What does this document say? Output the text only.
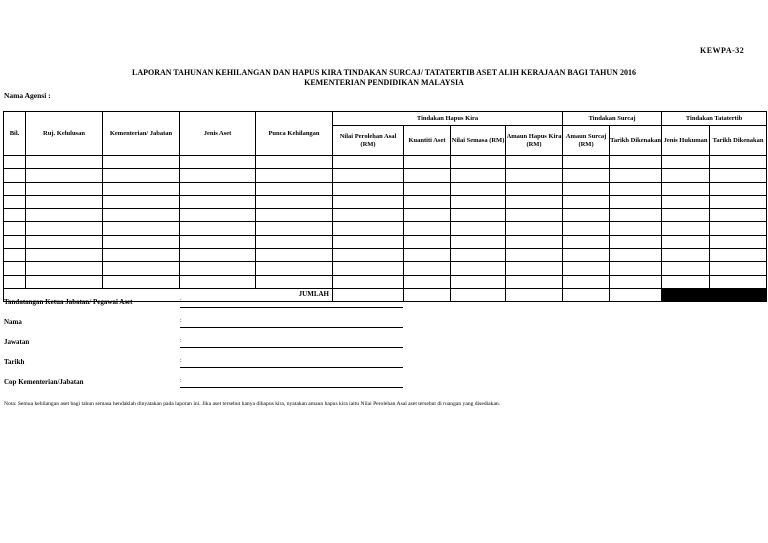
KEWPA-32
LAPORAN TAHUNAN KEHILANGAN DAN HAPUS KIRA TINDAKAN SURCAJ/ TATATERTIB ASET ALIH KERAJAAN BAGI TAHUN 2016
KEMENTERIAN PENDIDIKAN MALAYSIA
Nama Agensi :
Bil.	Ruj. Kelulusan	Kementerian/ Jabatan	Jenis Aset	Punca Kehilangan	Tindakan Hapus Kira				Tindakan Surcaj		Tindakan Tatatertib	
					Nilai Perolehan Asal (RM)	Kuantiti Aset	Nilai Semasa (RM)	Amaun Hapus Kira (RM)	Amaun Surcaj (RM)	Tarikh Dikenakan	Jenis Hukuman	Tarikh Dikenakan

JUMLAH												
Tandatangan Ketua Jabatan/ Pegawai Aset	:
Nama	:
Jawatan	:
Tarikh	:
Cop Kementerian/Jabatan	:
Nota: Semua kehilangan aset bagi tahun semasa hendaklah dinyatakan pada laporan ini. Jika aset tersebut hanya dihapus kira, nyatakan amaun hapus kira iaitu Nilai Perolehan Asal aset tersebut di ruangan yang disediakan.
